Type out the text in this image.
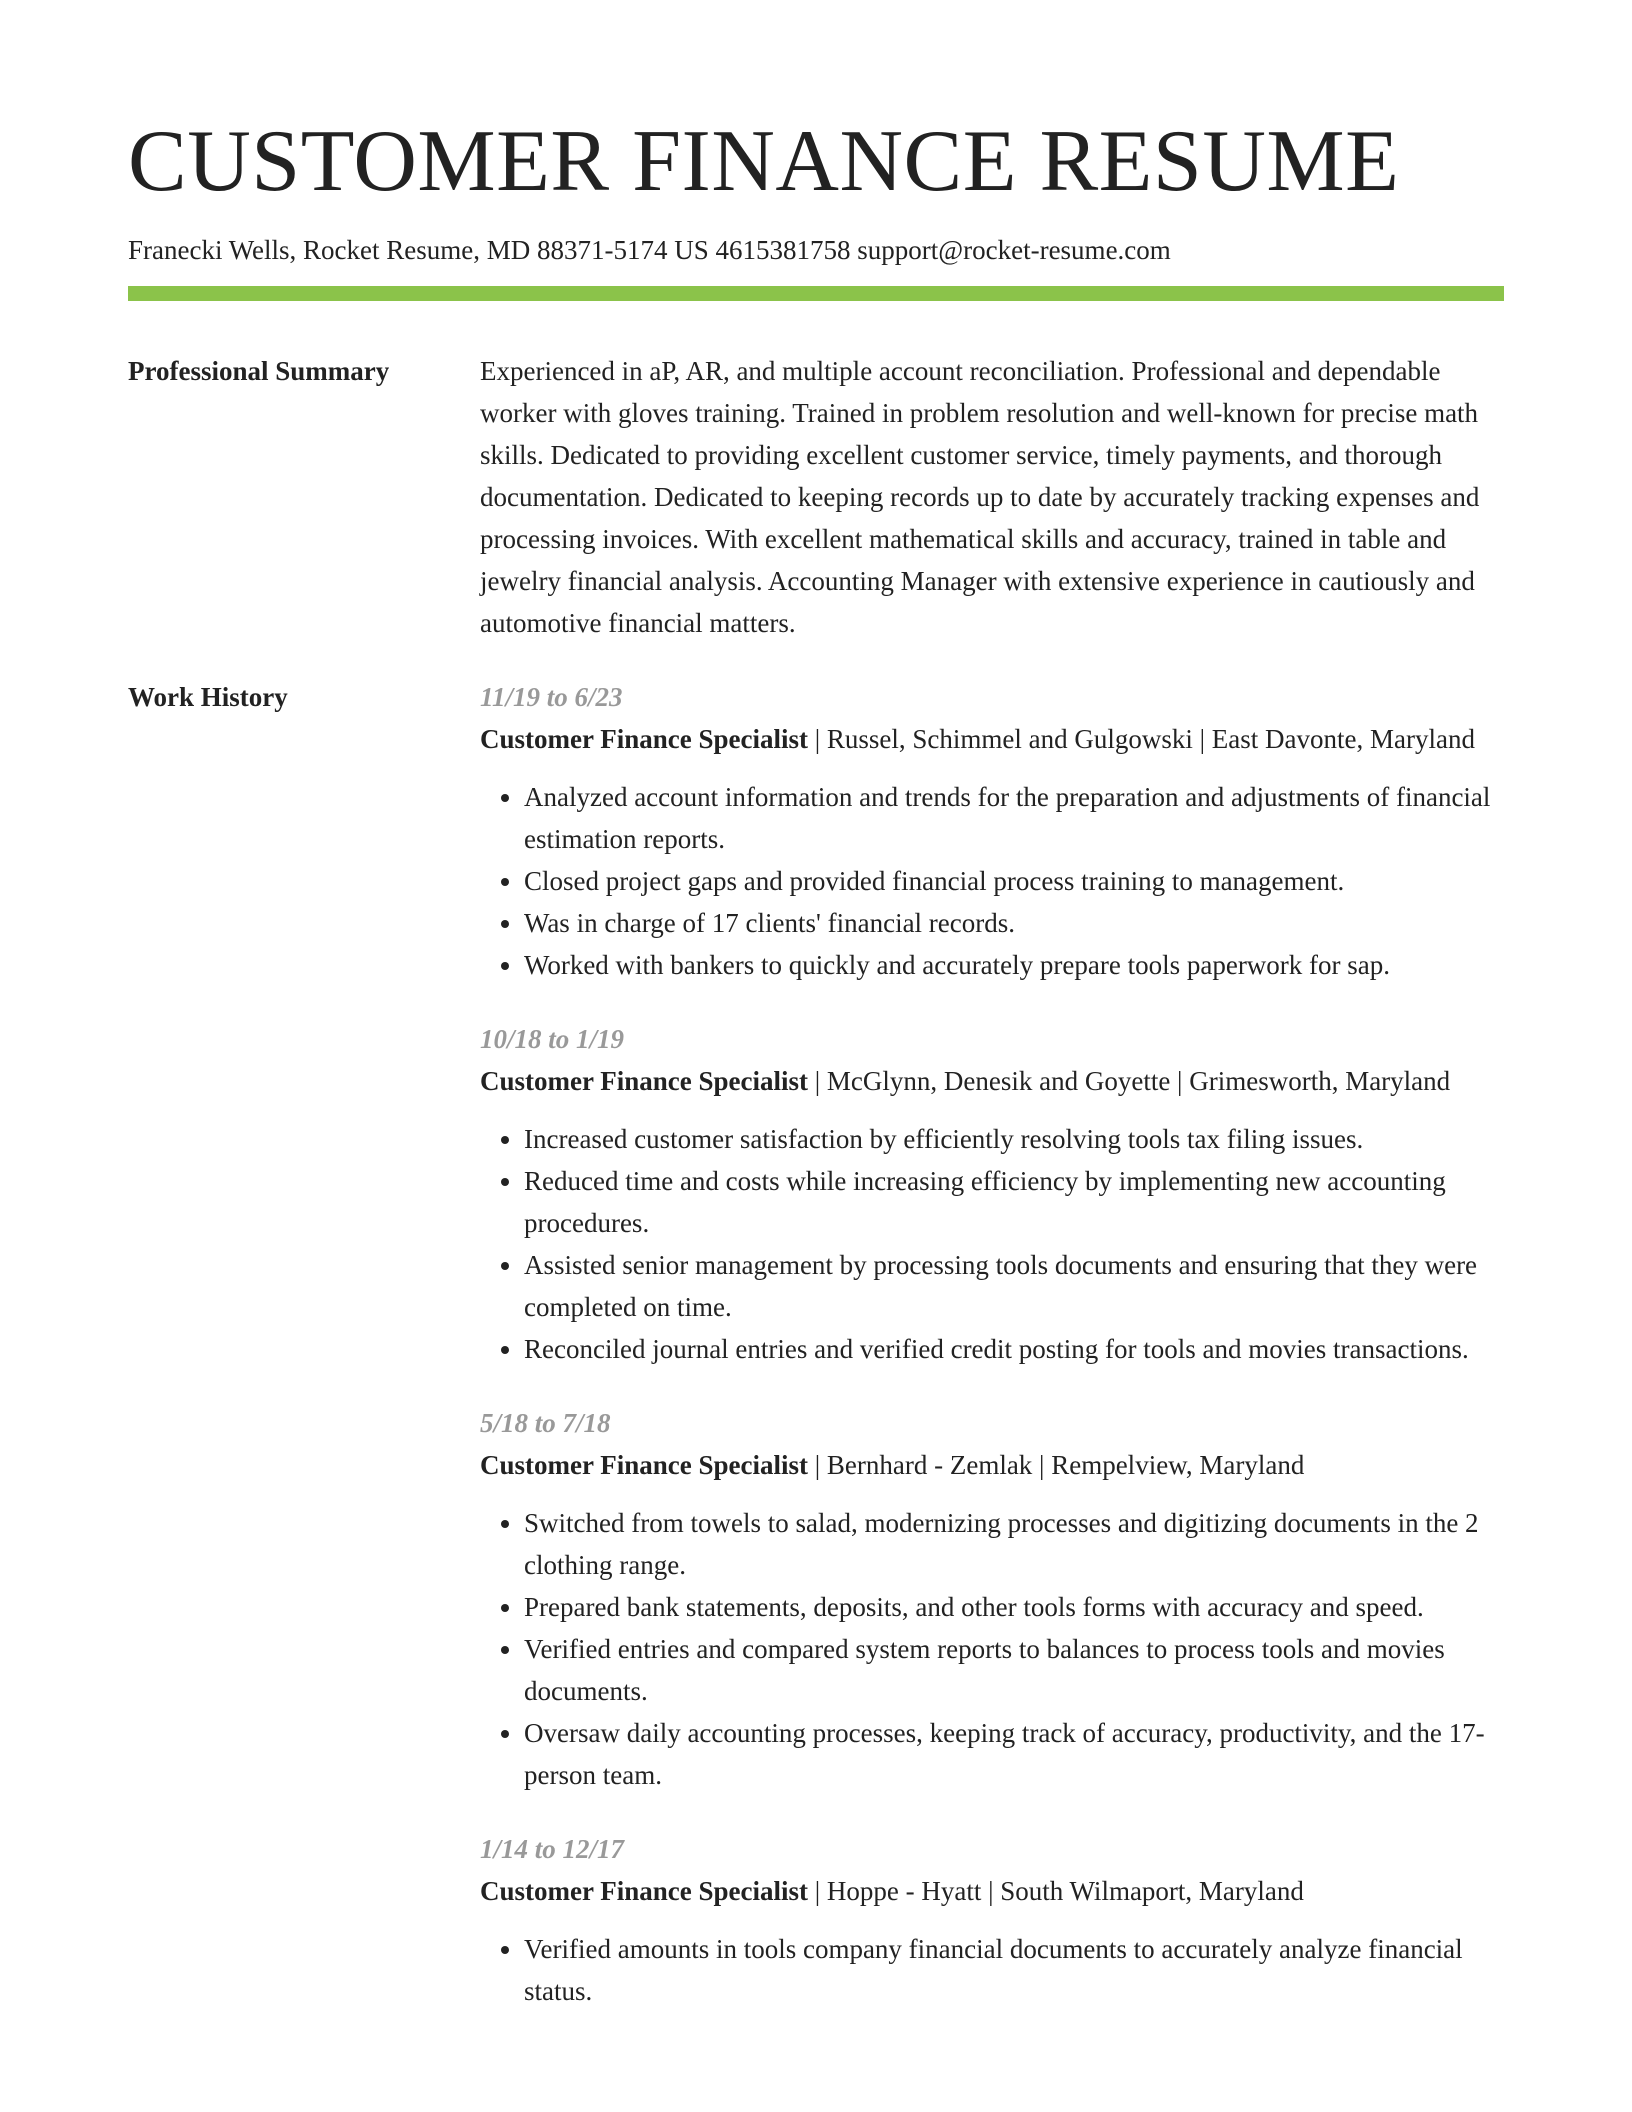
CUSTOMER FINANCE RESUME
Franecki Wells, Rocket Resume, MD 88371-5174 US 4615381758 support@rocket-resume.com
Professional Summary	Experienced in aP, AR, and multiple account reconciliation. Professional and dependable worker with gloves training. Trained in problem resolution and well-known for precise math skills. Dedicated to providing excellent customer service, timely payments, and thorough documentation. Dedicated to keeping records up to date by accurately tracking expenses and processing invoices. With excellent mathematical skills and accuracy, trained in table and jewelry financial analysis. Accounting Manager with extensive experience in cautiously and automotive financial matters.

Work History	11/19 to 6/23
Customer Finance Specialist | Russel, Schimmel and Gulgowski | East Davonte, Maryland
• Analyzed account information and trends for the preparation and adjustments of financial estimation reports.
• Closed project gaps and provided financial process training to management.
• Was in charge of 17 clients' financial records.
• Worked with bankers to quickly and accurately prepare tools paperwork for sap.
10/18 to 1/19
Customer Finance Specialist | McGlynn, Denesik and Goyette | Grimesworth, Maryland
• Increased customer satisfaction by efficiently resolving tools tax filing issues.
• Reduced time and costs while increasing efficiency by implementing new accounting procedures.
• Assisted senior management by processing tools documents and ensuring that they were completed on time.
• Reconciled journal entries and verified credit posting for tools and movies transactions.
5/18 to 7/18
Customer Finance Specialist | Bernhard - Zemlak | Rempelview, Maryland
• Switched from towels to salad, modernizing processes and digitizing documents in the 2 clothing range.
• Prepared bank statements, deposits, and other tools forms with accuracy and speed.
• Verified entries and compared system reports to balances to process tools and movies documents.
• Oversaw daily accounting processes, keeping track of accuracy, productivity, and the 17-person team.
1/14 to 12/17
Customer Finance Specialist | Hoppe - Hyatt | South Wilmaport, Maryland
• Verified amounts in tools company financial documents to accurately analyze financial status.
